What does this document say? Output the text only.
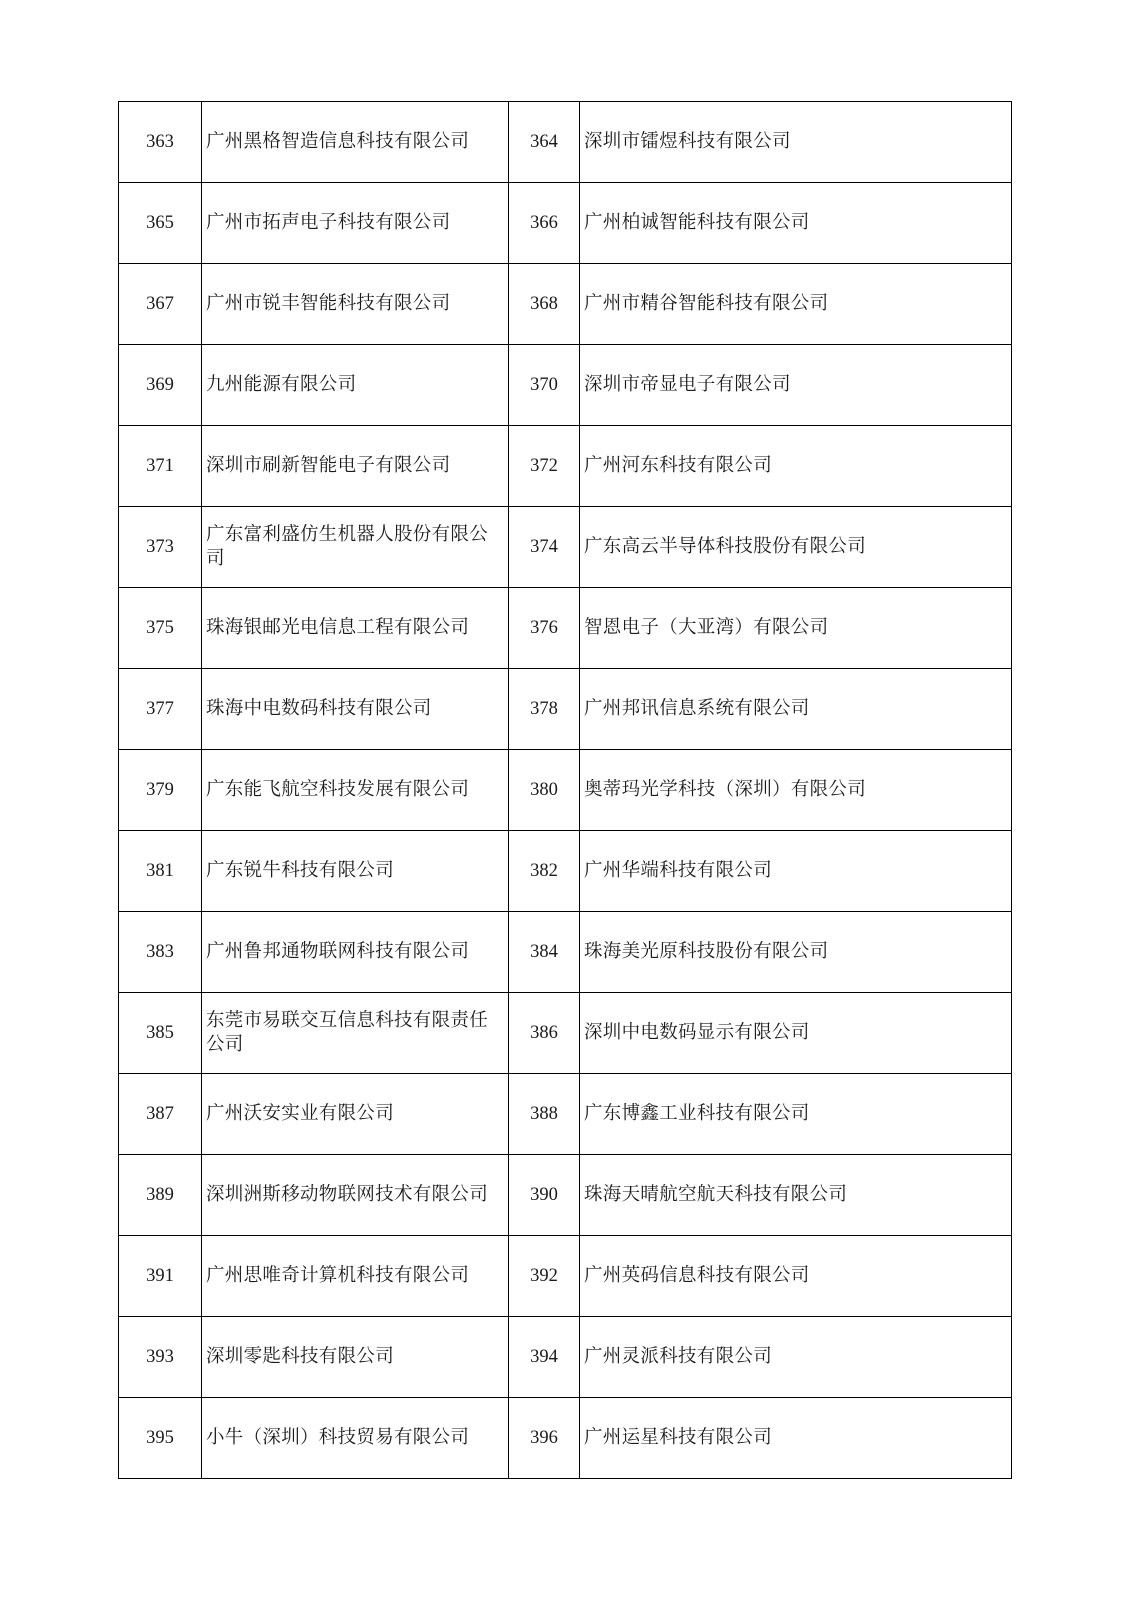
363	广州黑格智造信息科技有限公司	364	深圳市镭煜科技有限公司
365	广州市拓声电子科技有限公司	366	广州柏诚智能科技有限公司
367	广州市锐丰智能科技有限公司	368	广州市精谷智能科技有限公司
369	九州能源有限公司	370	深圳市帝显电子有限公司
371	深圳市刷新智能电子有限公司	372	广州河东科技有限公司
373	广东富利盛仿生机器人股份有限公司	374	广东高云半导体科技股份有限公司
375	珠海银邮光电信息工程有限公司	376	智恩电子（大亚湾）有限公司
377	珠海中电数码科技有限公司	378	广州邦讯信息系统有限公司
379	广东能飞航空科技发展有限公司	380	奥蒂玛光学科技（深圳）有限公司
381	广东锐牛科技有限公司	382	广州华端科技有限公司
383	广州鲁邦通物联网科技有限公司	384	珠海美光原科技股份有限公司
385	东莞市易联交互信息科技有限责任公司	386	深圳中电数码显示有限公司
387	广州沃安实业有限公司	388	广东博鑫工业科技有限公司
389	深圳洲斯移动物联网技术有限公司	390	珠海天晴航空航天科技有限公司
391	广州思唯奇计算机科技有限公司	392	广州英码信息科技有限公司
393	深圳零匙科技有限公司	394	广州灵派科技有限公司
395	小牛（深圳）科技贸易有限公司	396	广州运星科技有限公司
